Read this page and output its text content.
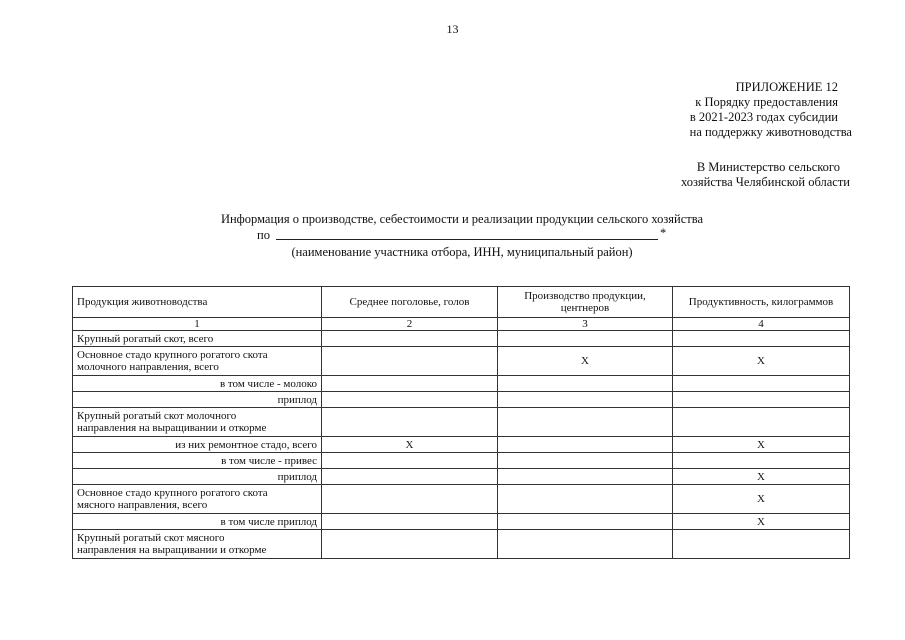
13
ПРИЛОЖЕНИЕ 12
к Порядку предоставления
в 2021-2023 годах субсидии
на поддержку животноводства
В Министерство сельского
хозяйства Челябинской области
Информация о производстве, себестоимости и реализации продукции сельского хозяйства
по	*
(наименование участника отбора, ИНН, муниципальный район)
Продукция животноводства	Среднее поголовье, голов	Производство продукции, центнеров	Продуктивность, килограммов
1	2	3	4
Крупный рогатый скот, всего			

Основное стадо крупного рогатого скота
молочного направления, всего		Х	Х
в том числе - молоко			
приплод			

Крупный рогатый скот молочного
направления на выращивании и откорме			

из них ремонтное стадо, всего	Х		Х
в том числе - привес			
приплод			Х

Основное стадо крупного рогатого скота
мясного направления, всего			Х
в том числе приплод			Х

Крупный рогатый скот мясного
направления на выращивании и откорме			
